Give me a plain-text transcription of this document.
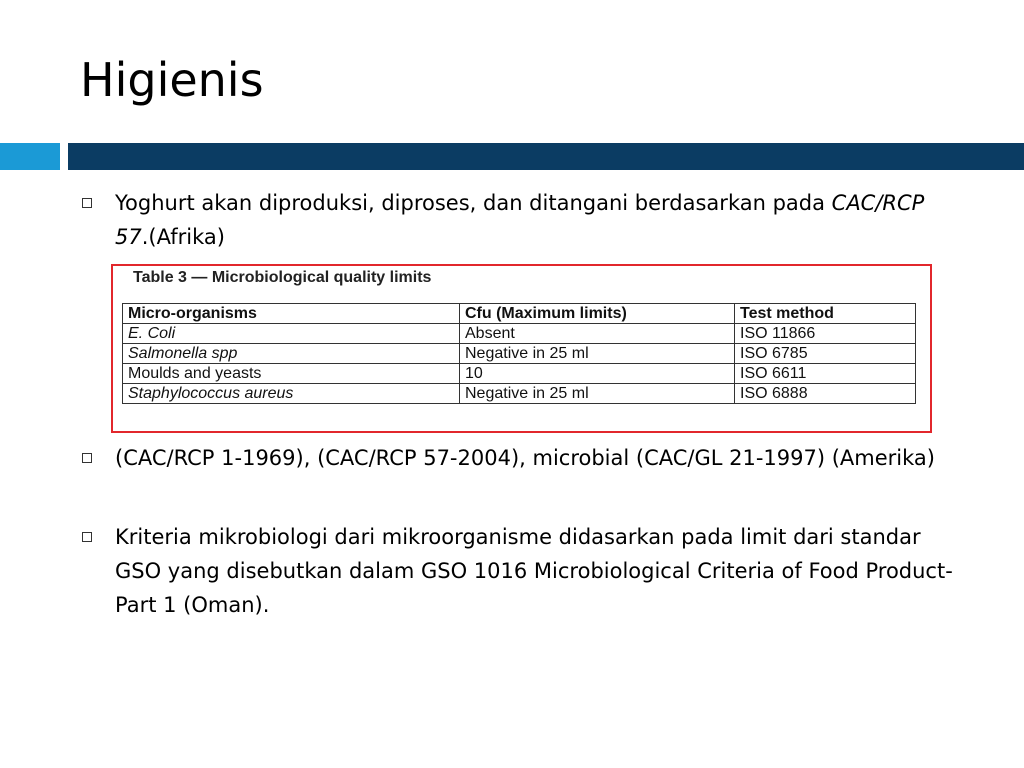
Higienis
Yoghurt akan diproduksi, diproses, dan ditangani berdasarkan pada CAC/RCP 57.(Afrika)
Table 3 — Microbiological quality limits
Micro-organisms	Cfu (Maximum limits)	Test method
E. Coli	Absent	ISO 11866
Salmonella spp	Negative in 25 ml	ISO 6785
Moulds and yeasts	10	ISO 6611
Staphylococcus aureus	Negative in 25 ml	ISO 6888
(CAC/RCP 1-1969), (CAC/RCP 57-2004), microbial (CAC/GL 21-1997) (Amerika)
Kriteria mikrobiologi dari mikroorganisme didasarkan pada limit dari standar GSO yang disebutkan dalam GSO 1016 Microbiological Criteria of Food Product- Part 1 (Oman).
